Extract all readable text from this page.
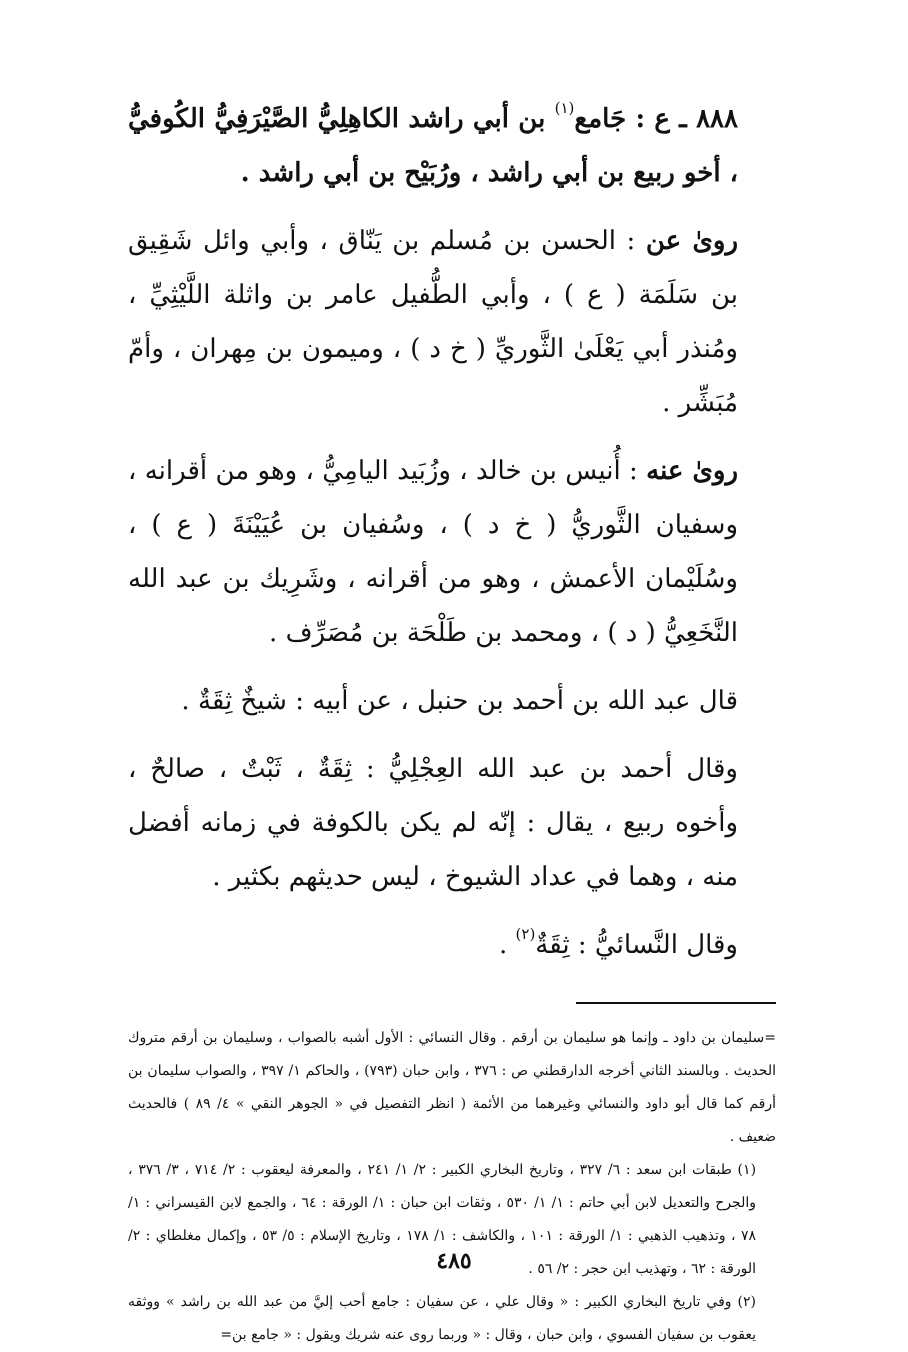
٨٨٨ ـ ع : جَامع$^{(١)}$ بن أبي راشد الكاهِلِيُّ الصَّيْرَفِيُّ الكُوفيُّ ، أخو ربيع بن أبي راشد ، ورُبَيْح بن أبي راشد .

روىٰ عن : الحسن بن مُسلم بن يَنّاق ، وأبي وائل شَقِيق بن سَلَمَة ( ع ) ، وأبي الطُّفيل عامر بن واثلة اللَّيْثِيِّ ، ومُنذر أبي يَعْلَىٰ الثَّوريِّ ( خ د ) ، وميمون بن مِهران ، وأمّ مُبَشِّر .

روىٰ عنه : أُنيس بن خالد ، وزُبَيد اليامِيُّ ، وهو من أقرانه ، وسفيان الثَّوريُّ ( خ د ) ، وسُفيان بن عُيَيْنَةَ ( ع ) ، وسُلَيْمان الأعمش ، وهو من أقرانه ، وشَرِيك بن عبد الله النَّخَعِيُّ ( د ) ، ومحمد بن طَلْحَة بن مُصَرِّف .

قال عبد الله بن أحمد بن حنبل ، عن أبيه : شيخٌ ثِقَةٌ .

وقال أحمد بن عبد الله العِجْلِيُّ : ثِقَةٌ ، ثَبْتٌ ، صالحٌ ، وأخوه ربيع ، يقال : إنّه لم يكن بالكوفة في زمانه أفضل منه ، وهما في عداد الشيوخ ، ليس حديثهم بكثير .

وقال النَّسائيُّ : ثِقَةٌ$^{(٢)}$ .

=سليمان بن داود ـ وإنما هو سليمان بن أرقم . وقال النسائي : الأول أشبه بالصواب ، وسليمان بن أرقم متروك الحديث . وبالسند الثاني أخرجه الدارقطني ص : ٣٧٦ ، وابن حبان (٧٩٣) ، والحاكم ١/ ٣٩٧ ، والصواب سليمان بن أرقم كما قال أبو داود والنسائي وغيرهما من الأئمة ( انظر التفصيل في « الجوهر النقي » ٤/ ٨٩ ) فالحديث ضعيف .

(١) طبقات ابن سعد : ٦/ ٣٢٧ ، وتاريخ البخاري الكبير : ٢/ ١/ ٢٤١ ، والمعرفة ليعقوب : ٢/ ٧١٤ ، ٣/ ٣٧٦ ، والجرح والتعديل لابن أبي حاتم : ١/ ١/ ٥٣٠ ، وثقات ابن حبان : ١/ الورقة : ٦٤ ، والجمع لابن القيسراني : ١/ ٧٨ ، وتذهيب الذهبي : ١/ الورقة : ١٠١ ، والكاشف : ١/ ١٧٨ ، وتاريخ الإسلام : ٥/ ٥٣ ، وإكمال مغلطاي : ٢/ الورقة : ٦٢ ، وتهذيب ابن حجر : ٢/ ٥٦ .

(٢) وفي تاريخ البخاري الكبير : « وقال علي ، عن سفيان : جامع أحب إليَّ من عبد الله بن راشد » ووثقه يعقوب بن سفيان الفسوي ، وابن حبان ، وقال : « وربما روى عنه شريك ويقول : « جامع بن=

٤٨٥
